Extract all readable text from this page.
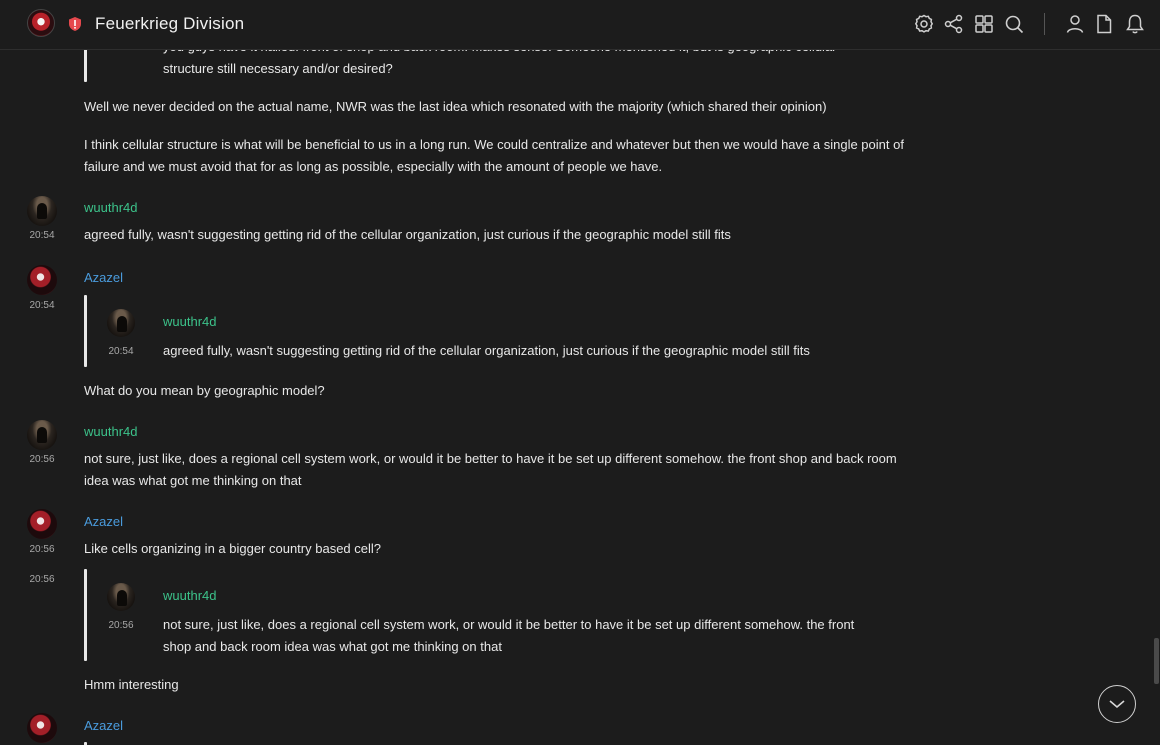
structure still necessary and/or desired?
Well we never decided on the actual name, NWR was the last idea which resonated with the majority (which shared their opinion)
I think cellular structure is what will be beneficial to us in a long run. We could centralize and whatever but then we would have a single point of
failure and we must avoid that for as long as possible, especially with the amount of people we have.
20:54
wuuthr4d
agreed fully, wasn't suggesting getting rid of the cellular organization, just curious if the geographic model still fits
20:54
Azazel
20:54
wuuthr4d
agreed fully, wasn't suggesting getting rid of the cellular organization, just curious if the geographic model still fits
What do you mean by geographic model?
20:56
wuuthr4d
not sure, just like, does a regional cell system work, or would it be better to have it be set up different somehow. the front shop and back room
idea was what got me thinking on that
20:56
Azazel
Like cells organizing in a bigger country based cell?
20:56
20:56
wuuthr4d
not sure, just like, does a regional cell system work, or would it be better to have it be set up different somehow. the front
shop and back room idea was what got me thinking on that
Hmm interesting
Azazel
Feuerkrieg Division
